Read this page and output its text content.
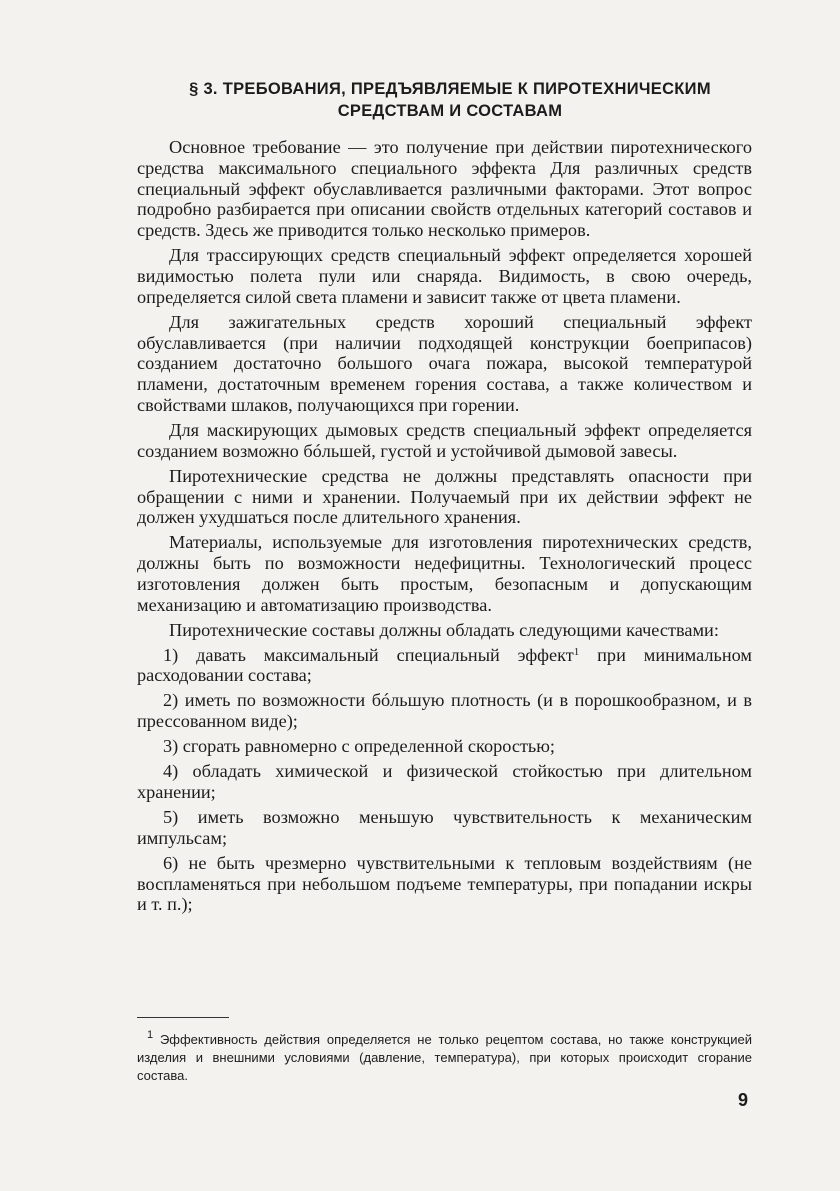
§ 3. ТРЕБОВАНИЯ, ПРЕДЪЯВЛЯЕМЫЕ К ПИРОТЕХНИЧЕСКИМ
СРЕДСТВАМ И СОСТАВАМ

Основное требование — это получение при действии пиротехнического средства максимального специального эффекта Для различных средств специальный эффект обуславливается различными факторами. Этот вопрос подробно разбирается при описании свойств отдельных категорий составов и средств. Здесь же приводится только несколько примеров.

Для трассирующих средств специальный эффект определяется хорошей видимостью полета пули или снаряда. Видимость, в свою очередь, определяется силой света пламени и зависит также от цвета пламени.

Для зажигательных средств хороший специальный эффект обуславливается (при наличии подходящей конструкции боеприпасов) созданием достаточно большого очага пожара, высокой температурой пламени, достаточным временем горения состава, а также количеством и свойствами шлаков, получающихся при горении.

Для маскирующих дымовых средств специальный эффект определяется созданием возможно бóльшей, густой и устойчивой дымовой завесы.

Пиротехнические средства не должны представлять опасности при обращении с ними и хранении. Получаемый при их действии эффект не должен ухудшаться после длительного хранения.

Материалы, используемые для изготовления пиротехнических средств, должны быть по возможности недефицитны. Технологический процесс изготовления должен быть простым, безопасным и допускающим механизацию и автоматизацию производства.

Пиротехнические составы должны обладать следующими качествами:

1) давать максимальный специальный эффект$^1$ при минимальном расходовании состава;

2) иметь по возможности бóльшую плотность (и в порошкообразном, и в прессованном виде);

3) сгорать равномерно с определенной скоростью;

4) обладать химической и физической стойкостью при длительном хранении;

5) иметь возможно меньшую чувствительность к механическим импульсам;

6) не быть чрезмерно чувствительными к тепловым воздействиям (не воспламеняться при небольшом подъеме температуры, при попадании искры и т. п.);

$^1$ Эффективность действия определяется не только рецептом состава, но также конструкцией изделия и внешними условиями (давление, температура), при которых происходит сгорание состава.

9
